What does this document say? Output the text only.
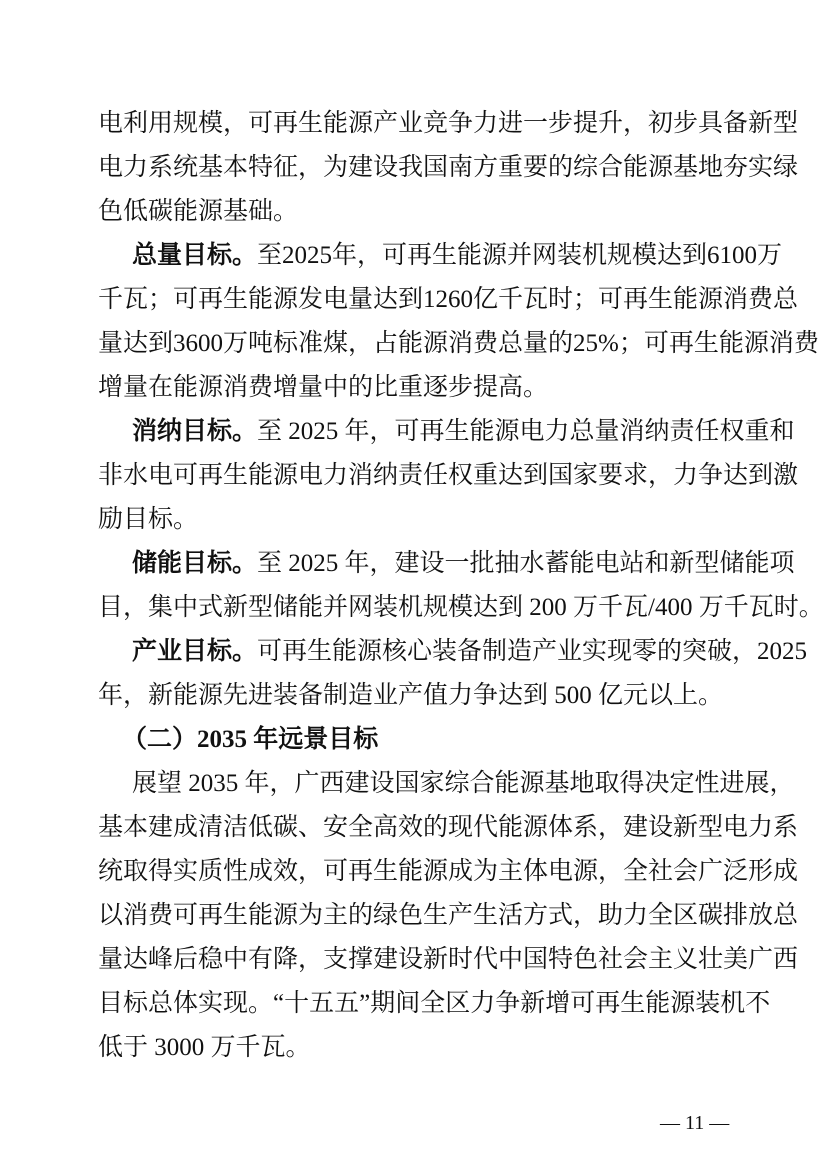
电利用规模，可再生能源产业竞争力进一步提升，初步具备新型
电力系统基本特征，为建设我国南方重要的综合能源基地夯实绿
色低碳能源基础。
总量目标。至2025年，可再生能源并网装机规模达到6100万
千瓦；可再生能源发电量达到1260亿千瓦时；可再生能源消费总
量达到3600万吨标准煤，占能源消费总量的25%；可再生能源消费
增量在能源消费增量中的比重逐步提高。
消纳目标。至 2025 年，可再生能源电力总量消纳责任权重和
非水电可再生能源电力消纳责任权重达到国家要求，力争达到激
励目标。
储能目标。至 2025 年，建设一批抽水蓄能电站和新型储能项
目，集中式新型储能并网装机规模达到 200 万千瓦/400 万千瓦时。
产业目标。可再生能源核心装备制造产业实现零的突破，2025
年，新能源先进装备制造业产值力争达到 500 亿元以上。
（二）2035 年远景目标
展望 2035 年，广西建设国家综合能源基地取得决定性进展，
基本建成清洁低碳、安全高效的现代能源体系，建设新型电力系
统取得实质性成效，可再生能源成为主体电源，全社会广泛形成
以消费可再生能源为主的绿色生产生活方式，助力全区碳排放总
量达峰后稳中有降，支撑建设新时代中国特色社会主义壮美广西
目标总体实现。“十五五”期间全区力争新增可再生能源装机不
低于 3000 万千瓦。
— 11 —
